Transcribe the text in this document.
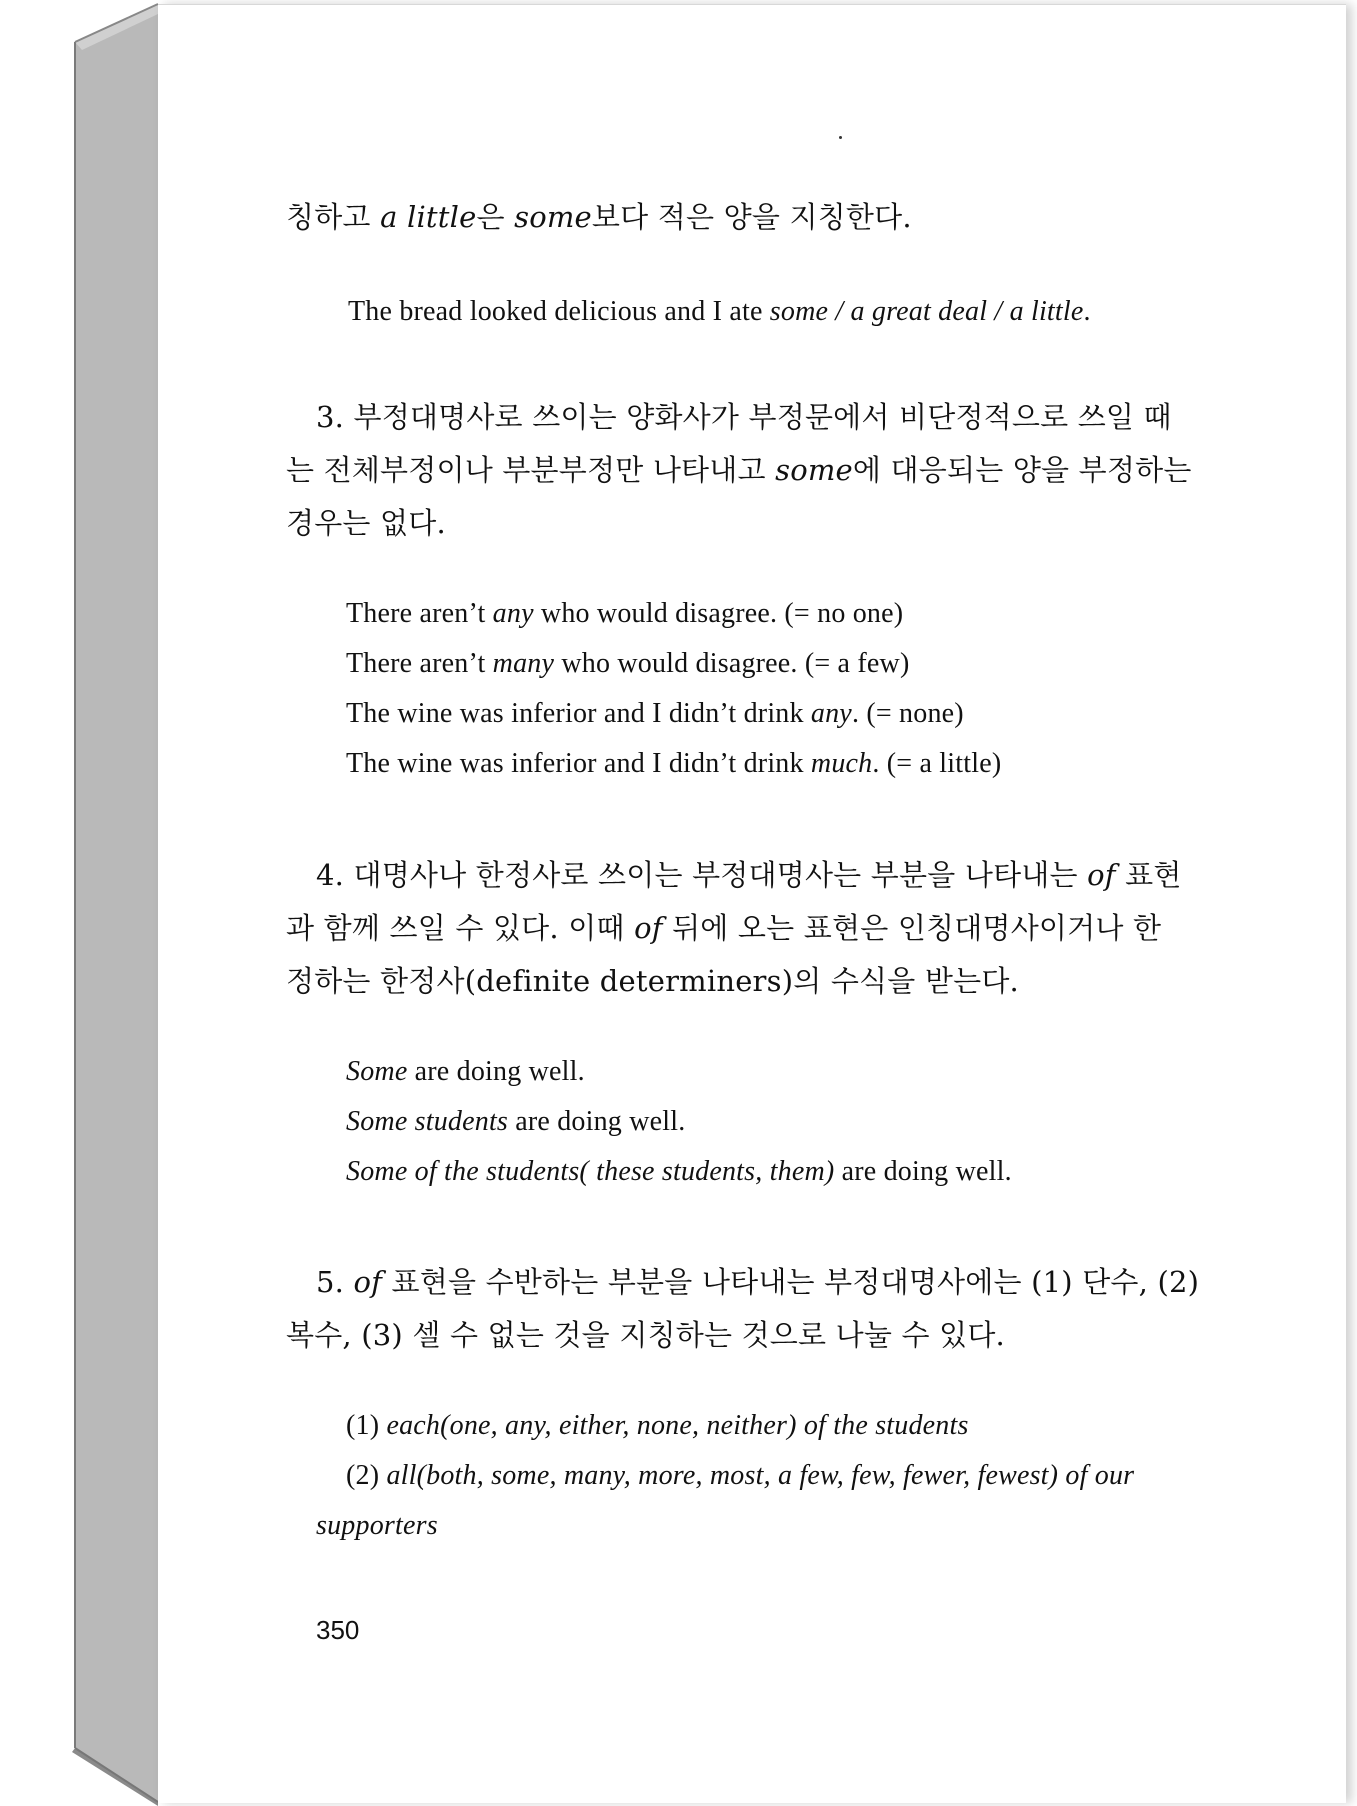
칭하고 a little은 some보다 적은 양을 지칭한다.
The bread looked delicious and I ate some / a great deal / a little.
3. 부정대명사로 쓰이는 양화사가 부정문에서 비단정적으로 쓰일 때
는 전체부정이나 부분부정만 나타내고 some에 대응되는 양을 부정하는
경우는 없다.
There aren’t any who would disagree. (= no one)
There aren’t many who would disagree. (= a few)
The wine was inferior and I didn’t drink any. (= none)
The wine was inferior and I didn’t drink much. (= a little)
4. 대명사나 한정사로 쓰이는 부정대명사는 부분을 나타내는 of 표현
과 함께 쓰일 수 있다. 이때 of 뒤에 오는 표현은 인칭대명사이거나 한
정하는 한정사(definite determiners)의 수식을 받는다.
Some are doing well.
Some students are doing well.
Some of the students( these students, them) are doing well.
5. of 표현을 수반하는 부분을 나타내는 부정대명사에는 (1) 단수, (2)
복수, (3) 셀 수 없는 것을 지칭하는 것으로 나눌 수 있다.
(1) each(one, any, either, none, neither) of the students
(2) all(both, some, many, more, most, a few, few, fewer, fewest) of our
supporters
350
